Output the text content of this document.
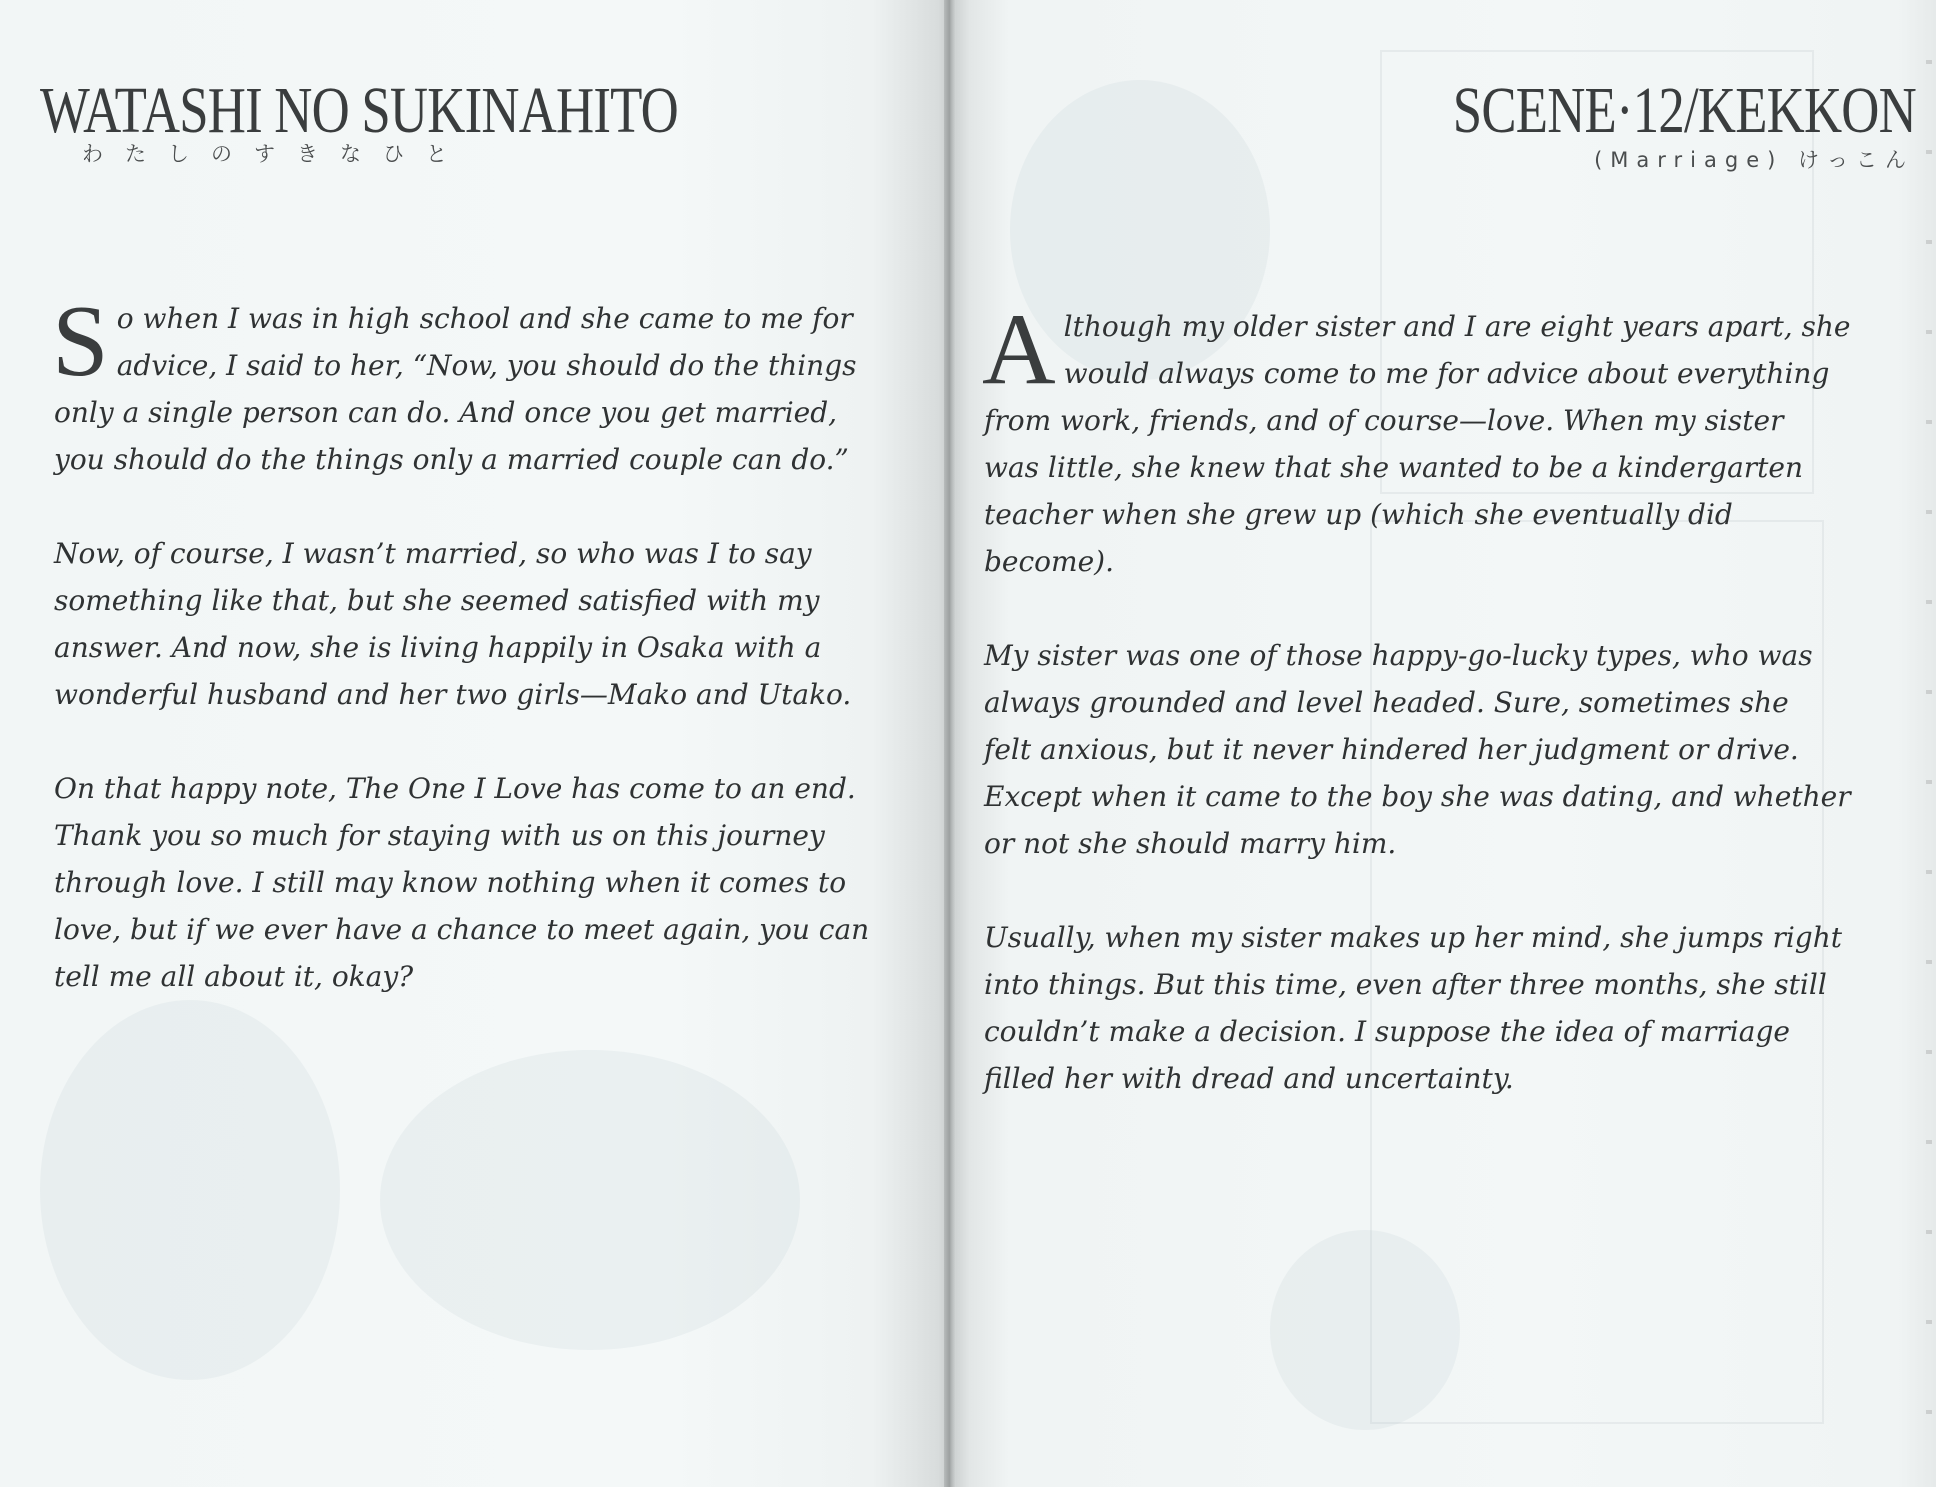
WATASHI NO SUKINAHITO
わたしのすきなひと

So when I was in high school and she came to me for
advice, I said to her, “Now, you should do the things
only a single person can do. And once you get married,
you should do the things only a married couple can do.”

Now, of course, I wasn’t married, so who was I to say
something like that, but she seemed satisfied with my
answer. And now, she is living happily in Osaka with a
wonderful husband and her two girls—Mako and Utako.

On that happy note, The One I Love has come to an end.
Thank you so much for staying with us on this journey
through love. I still may know nothing when it comes to
love, but if we ever have a chance to meet again, you can
tell me all about it, okay?

SCENE·12/KEKKON
(Marriage) けっこん

Although my older sister and I are eight years apart, she
would always come to me for advice about everything
from work, friends, and of course—love. When my sister
was little, she knew that she wanted to be a kindergarten
teacher when she grew up (which she eventually did
become).

My sister was one of those happy-go-lucky types, who was
always grounded and level headed. Sure, sometimes she
felt anxious, but it never hindered her judgment or drive.
Except when it came to the boy she was dating, and whether
or not she should marry him.

Usually, when my sister makes up her mind, she jumps right
into things. But this time, even after three months, she still
couldn’t make a decision. I suppose the idea of marriage
filled her with dread and uncertainty.
